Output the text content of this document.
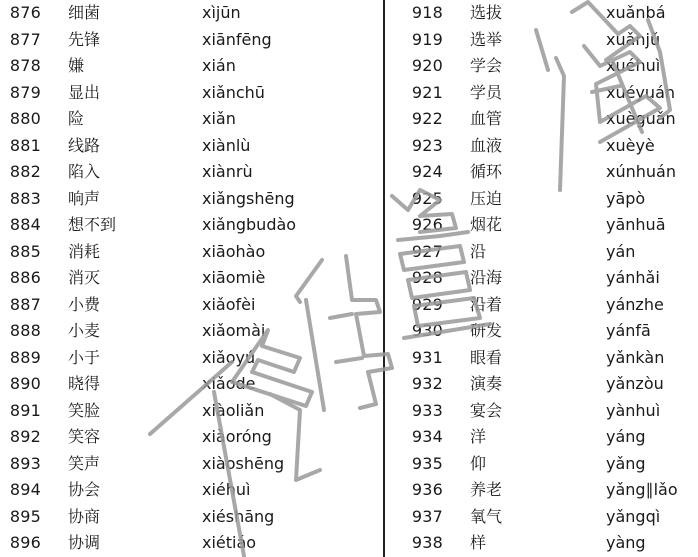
876 细菌	xìjūn
877 先锋	xiānfēng
878 嫌	xián
879 显出	xiǎnchū
880 险	xiǎn
881 线路	xiànlù
882 陷入	xiànrù
883 响声	xiǎngshēng
884 想不到	xiǎngbudào
885 消耗	xiāohào
886 消灭	xiāomiè
887 小费	xiǎofèi
888 小麦	xiǎomài
889 小于	xiǎoyú
890 晓得	xiǎode
891 笑脸	xiàoliǎn
892 笑容	xiàoróng
893 笑声	xiàoshēng
894 协会	xiéhuì
895 协商	xiéshāng
896 协调	xiétiáo
918 选拔	xuǎnbá
919 选举	xuǎnjǔ
920 学会	xuéhuì
921 学员	xuéyuán
922 血管	xuèguǎn
923 血液	xuèyè
924 循环	xúnhuán
925 压迫	yāpò
926 烟花	yānhuā
927 沿	yán
928 沿海	yánhǎi
929 沿着	yánzhe
930 研发	yánfā
931 眼看	yǎnkàn
932 演奏	yǎnzòu
933 宴会	yànhuì
934 洋	yáng
935 仰	yǎng
936 养老	yǎng∥lǎo
937 氧气	yǎngqì
938 样	yàng
